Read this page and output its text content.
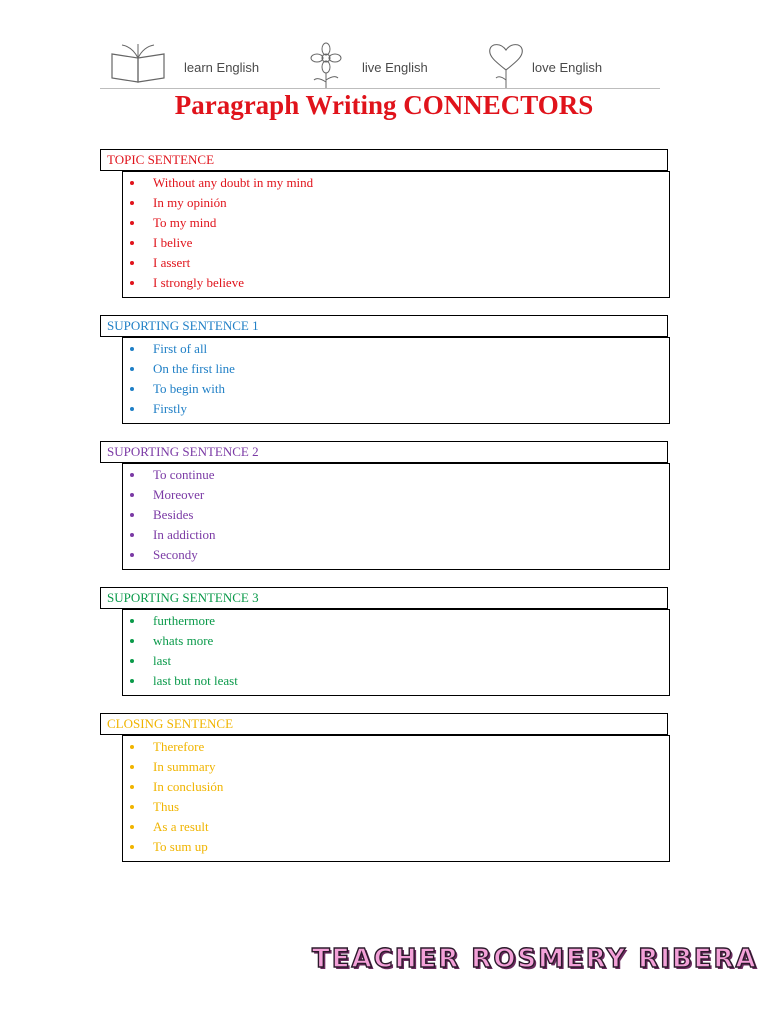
learn English	live English	love English
Paragraph Writing CONNECTORS
TOPIC SENTENCE
Without any doubt in my mind
In my opinión
To my mind
I belive
I assert
I strongly believe
SUPORTING SENTENCE 1
First of all
On the first line
To begin with
Firstly
SUPORTING SENTENCE 2
To continue
Moreover
Besides
In addiction
Secondy
SUPORTING SENTENCE 3
furthermore
whats more
last
last but not least
CLOSING SENTENCE
Therefore
In summary
In conclusión
Thus
As a result
To sum up
TEACHER ROSMERY RIBERA
